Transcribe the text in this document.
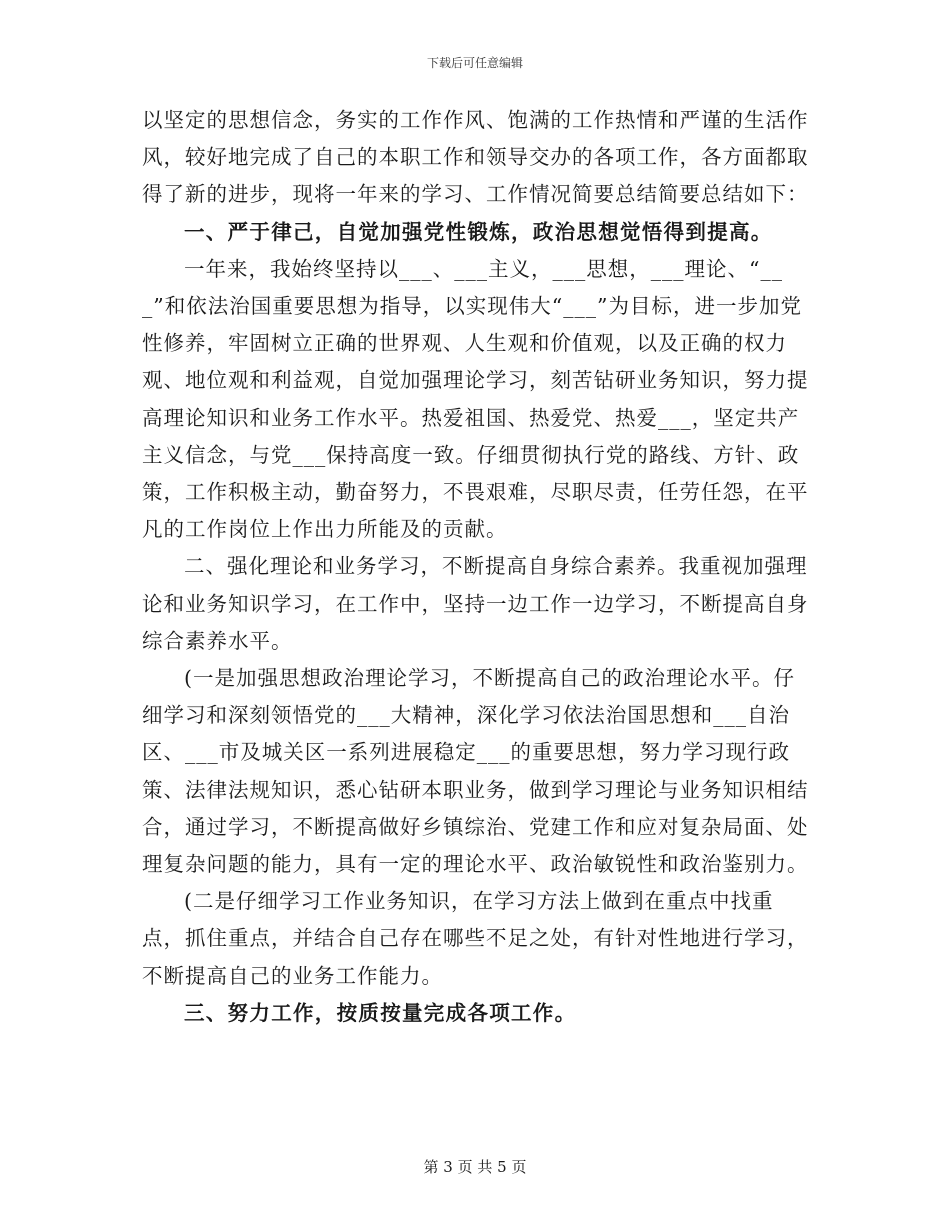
下载后可任意编辑

以坚定的思想信念，务实的工作作风、饱满的工作热情和严谨的生活作风，较好地完成了自己的本职工作和领导交办的各项工作，各方面都取得了新的进步，现将一年来的学习、工作情况简要总结简要总结如下：

一、严于律己，自觉加强党性锻炼，政治思想觉悟得到提高。

一年来，我始终坚持以___、___主义，___思想，___理论、“___”和依法治国重要思想为指导，以实现伟大“___”为目标，进一步加党性修养，牢固树立正确的世界观、人生观和价值观，以及正确的权力观、地位观和利益观，自觉加强理论学习，刻苦钻研业务知识，努力提高理论知识和业务工作水平。热爱祖国、热爱党、热爱___，坚定共产主义信念，与党___保持高度一致。仔细贯彻执行党的路线、方针、政策，工作积极主动，勤奋努力，不畏艰难，尽职尽责，任劳任怨，在平凡的工作岗位上作出力所能及的贡献。

二、强化理论和业务学习，不断提高自身综合素养。我重视加强理论和业务知识学习，在工作中，坚持一边工作一边学习，不断提高自身综合素养水平。

(一是加强思想政治理论学习，不断提高自己的政治理论水平。仔细学习和深刻领悟党的___大精神，深化学习依法治国思想和___自治区、___市及城关区一系列进展稳定___的重要思想，努力学习现行政策、法律法规知识，悉心钻研本职业务，做到学习理论与业务知识相结合，通过学习，不断提高做好乡镇综治、党建工作和应对复杂局面、处理复杂问题的能力，具有一定的理论水平、政治敏锐性和政治鉴别力。

(二是仔细学习工作业务知识，在学习方法上做到在重点中找重点，抓住重点，并结合自己存在哪些不足之处，有针对性地进行学习，不断提高自己的业务工作能力。

三、努力工作，按质按量完成各项工作。

第 3 页 共 5 页
